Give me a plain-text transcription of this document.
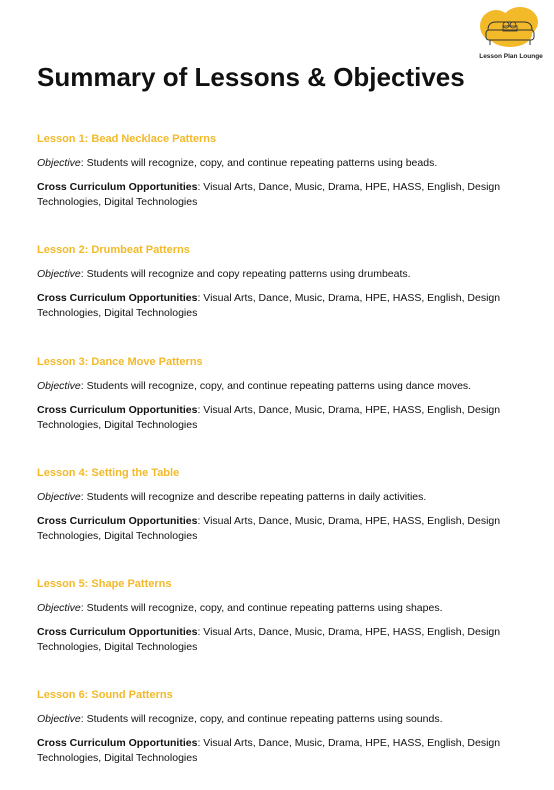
Lesson Plan Lounge
Summary of Lessons & Objectives
Lesson 1: Bead Necklace Patterns
Objective: Students will recognize, copy, and continue repeating patterns using beads.
Cross Curriculum Opportunities: Visual Arts, Dance, Music, Drama, HPE, HASS, English, Design Technologies, Digital Technologies
Lesson 2: Drumbeat Patterns
Objective: Students will recognize and copy repeating patterns using drumbeats.
Cross Curriculum Opportunities: Visual Arts, Dance, Music, Drama, HPE, HASS, English, Design Technologies, Digital Technologies
Lesson 3: Dance Move Patterns
Objective: Students will recognize, copy, and continue repeating patterns using dance moves.
Cross Curriculum Opportunities: Visual Arts, Dance, Music, Drama, HPE, HASS, English, Design Technologies, Digital Technologies
Lesson 4: Setting the Table
Objective: Students will recognize and describe repeating patterns in daily activities.
Cross Curriculum Opportunities: Visual Arts, Dance, Music, Drama, HPE, HASS, English, Design Technologies, Digital Technologies
Lesson 5: Shape Patterns
Objective: Students will recognize, copy, and continue repeating patterns using shapes.
Cross Curriculum Opportunities: Visual Arts, Dance, Music, Drama, HPE, HASS, English, Design Technologies, Digital Technologies
Lesson 6: Sound Patterns
Objective: Students will recognize, copy, and continue repeating patterns using sounds.
Cross Curriculum Opportunities: Visual Arts, Dance, Music, Drama, HPE, HASS, English, Design Technologies, Digital Technologies
